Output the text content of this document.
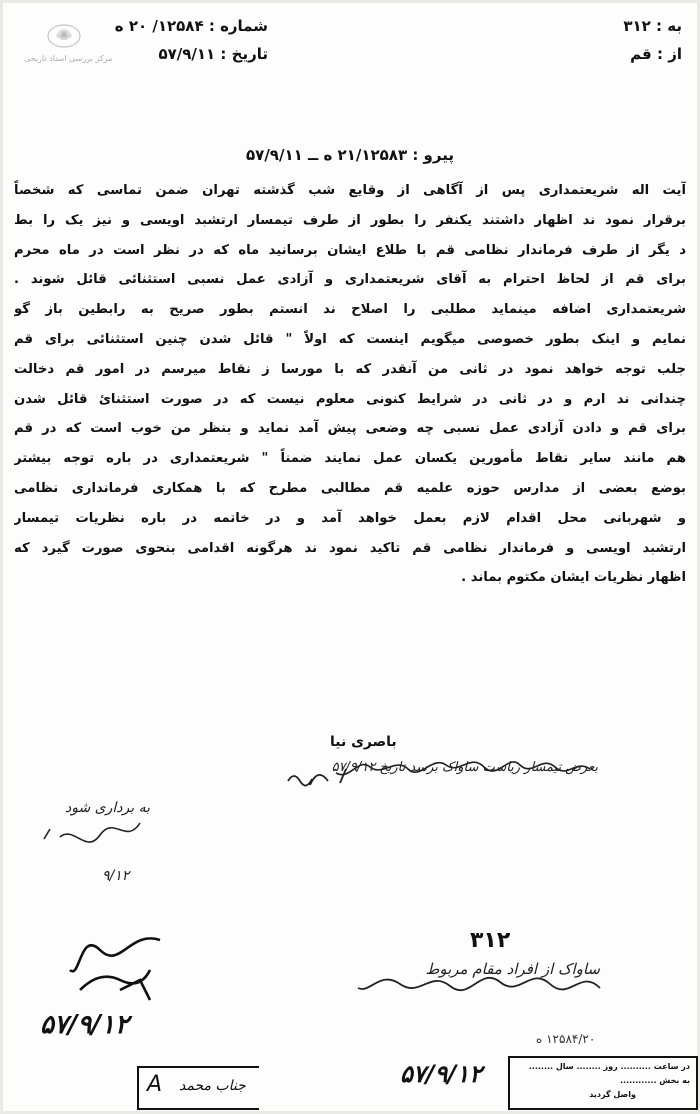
مرکز بررسی اسناد تاریخی
به : ۳۱۲
از : قم
شماره : ۱۲۵۸۴/ ۲۰ ه
تاریخ : ۵۷/۹/۱۱
پیرو : ۲۱/۱۲۵۸۳ ه ــ ۵۷/۹/۱۱
آیت اله شریعتمداری پس از آگاهی از وقایع شب گذشته تهران ضمن تماسی که شخصاً
برقرار نمود ند اظهار داشتند یکنفر را بطور از طرف تیمسار ارتشبد اویسی و نیز یک را بط
د یگر از طرف فرماندار نظامی قم با طلاع ایشان برسانید ماه که در نظر است در ماه محرم
برای قم از لحاظ احترام به آقای شریعتمداری و آزادی عمل نسبی استثنائی قائل شوند .
شریعتمداری اضافه مینماید مطلبی را اصلاح ند انستم بطور صریح به رابطین باز گو
نمایم و اینک بطور خصوصی میگویم اینست که اولاً " قائل شدن چنین استثنائی برای قم
جلب توجه خواهد نمود در ثانی من آنقدر که با مورسا ز نقاط میرسم در امور قم دخالت
چندانی ند ارم و در ثانی در شرایط کنونی معلوم نیست که در صورت استثنائ قائل شدن
برای قم و دادن آزادی عمل نسبی چه وضعی پیش آمد نماید و بنظر من خوب است که در قم
هم مانند سایر نقاط مأمورین یکسان عمل نمایند ضمناً " شریعتمداری در باره توجه بیشتر
بوضع بعضی از مدارس حوزه علمیه قم مطالبی مطرح که با همکاری فرمانداری نظامی
و شهربانی محل اقدام لازم بعمل خواهد آمد و در خاتمه در باره نظریات تیمسار
ارتشبد اویسی و فرماندار نظامی قم تاکید نمود ند هرگونه اقدامی بنحوی صورت گیرد که
اظهار نظریات ایشان مکتوم بماند .
باصری نیا
بعرض تیمسار ریاست ساواک برسد تاریخ ۵۷/۹/۱۲
به برداری شود
۹/۱۲
۳۱۲
ساواک از افراد مقام مربوط
۵۷/۹/۱۲
A جناب محمد	۵۷/۹/۱۲
۱۲۵۸۴/۲۰ ه
در ساعت .......... روز ........ سال ........
به بخش ............
واصل گردید
